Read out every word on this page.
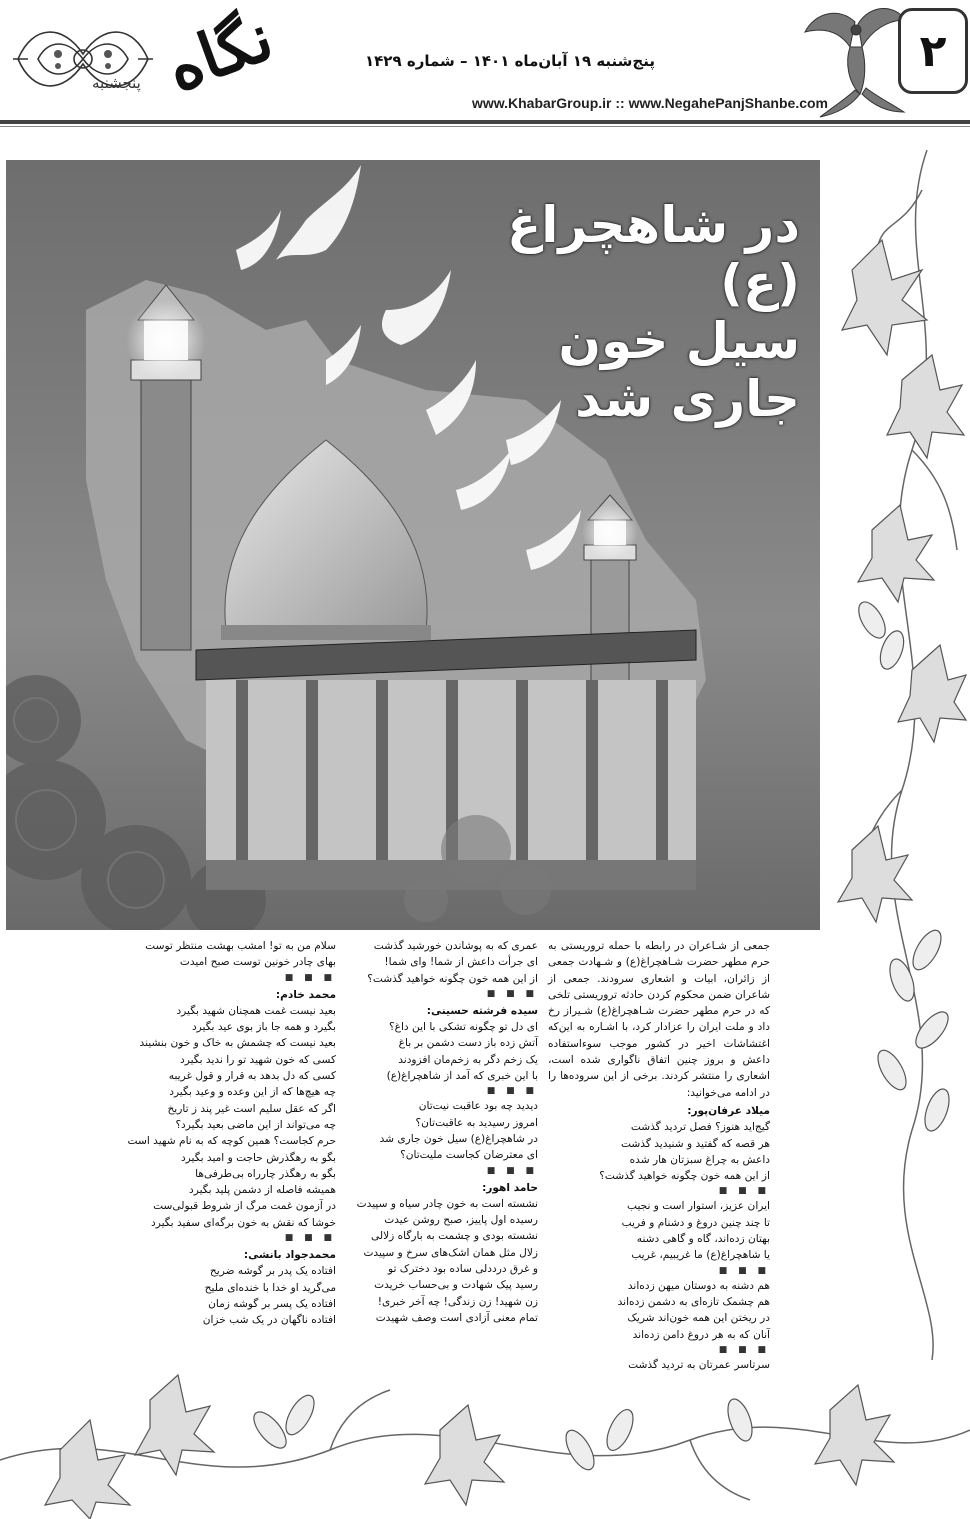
نگاه
پنجشنبه
پنج‌شنبه ۱۹ آبان‌ماه ۱۴۰۱ – شماره ۱۴۲۹
www.KhabarGroup.ir :: www.NegahePanjShanbe.com
۲
در شاهچراغ (ع)
سیل خون
جاری شد

جمعی از شـاعران در رابطه با حمله تروریستی به حرم مطهر حضرت شـاهچراغ(ع) و شـهادت جمعی از زائران، ابیات و اشعاری سرودند. جمعی از شاعران ضمن محکوم کردن حادثه تروریستی تلخی که در حرم مطهر حضرت شـاهچراغ(ع) شـیراز رخ داد و ملت ایران را عزادار کرد، با اشـاره به این‌که اغتشاشات اخیر در کشور موجب سوءاستفاده داعش و بروز چنین اتفاق ناگواری شده است، اشعاری را منتشر کردند. برخی از این سروده‌ها را در ادامه می‌خوانید:

میلاد عرفان‌پور:

گیج‌اید هنوز؟ فصل تردید گذشت

هر قصه که گفتید و شنیدید گذشت

داعش به چراغ سبزتان هار شده

از این همه خون چگونه خواهید گذشت؟

■ ■ ■

ایران عزیز، استوار است و نجیب

تا چند چنین دروغ و دشنام و فریب

بهتان زده‌اند، گاه و گاهی دشنه

یا شاهچراغ(ع) ما غریبیم، غریب

■ ■ ■

هم دشنه به دوستان میهن زده‌اند

هم چشمک تازه‌ای به دشمن زده‌اند

در ریختن این همه خون‌اند شریک

آنان که به هر دروغ دامن زده‌اند

■ ■ ■

سرتاسر عمرتان به تردید گذشت

عمری که به پوشاندن خورشید گذشت

ای جرأت داعش از شما! وای شما!

از این همه خون چگونه خواهید گذشت؟

■ ■ ■

سیده فرشته حسینی:

ای دل تو چگونه تشکی با این داغ؟

آتش زده باز دست دشمن بر باغ

یک زخم دگر به زخم‌مان افزودند

با این خبری که آمد از شاهچراغ(ع)

■ ■ ■

دیدید چه بود عاقبت نیت‌تان

امروز رسیدید به عاقبت‌تان؟

در شاهچراغ(ع) سیل خون جاری شد

ای معترضان کجاست ملیت‌تان؟

■ ■ ■

حامد اهور:

نشسته است به خون چادر سیاه و سپیدت

رسیده اول پاییز، صبح روشن عیدت

نشسته بودی و چشمت به بارگاه زلالی

زلال مثل همان اشک‌های سرخ و سپیدت

و غرق درددلی ساده بود دخترک تو

رسید پیک شهادت و بی‌حساب خریدت

زن شهید! زن زندگی! چه آخر خبری!

تمام معنی آزادی است وصف شهیدت

سلام من به تو! امشب بهشت منتظر توست

بهای چادر خونین توست صبح امیدت

■ ■ ■

محمد خادم:

بعید نیست غمت همچنان شهید بگیرد

بگیرد و همه جا باز بوی عید بگیرد

بعید نیست که چشمش به خاک و خون بنشیند

کسی که خون شهید تو را ندید بگیرد

کسی که دل بدهد به قرار و قول غریبه

چه هیچ‌ها که از این وعده و وعید بگیرد

اگر که عقل سلیم است غیر پند ز تاریخ

چه می‌تواند از این ماضی بعید بگیرد؟

حرم کجاست؟ همین کوچه که به نام شهید است

بگو به رهگذرش حاجت و امید بگیرد

بگو به رهگذر چارراه بی‌طرفی‌ها

همیشه فاصله از دشمن پلید بگیرد

در آزمون غمت مرگ از شروط قبولی‌ست

خوشا که نقش به خون برگه‌ای سفید بگیرد

■ ■ ■

محمدجواد بانشی:

افتاده یک پدر بر گوشه ضریح

می‌گرید او خدا با خنده‌ای ملیح

افتاده یک پسر بر گوشه زمان

افتاده ناگهان در یک شب خزان
